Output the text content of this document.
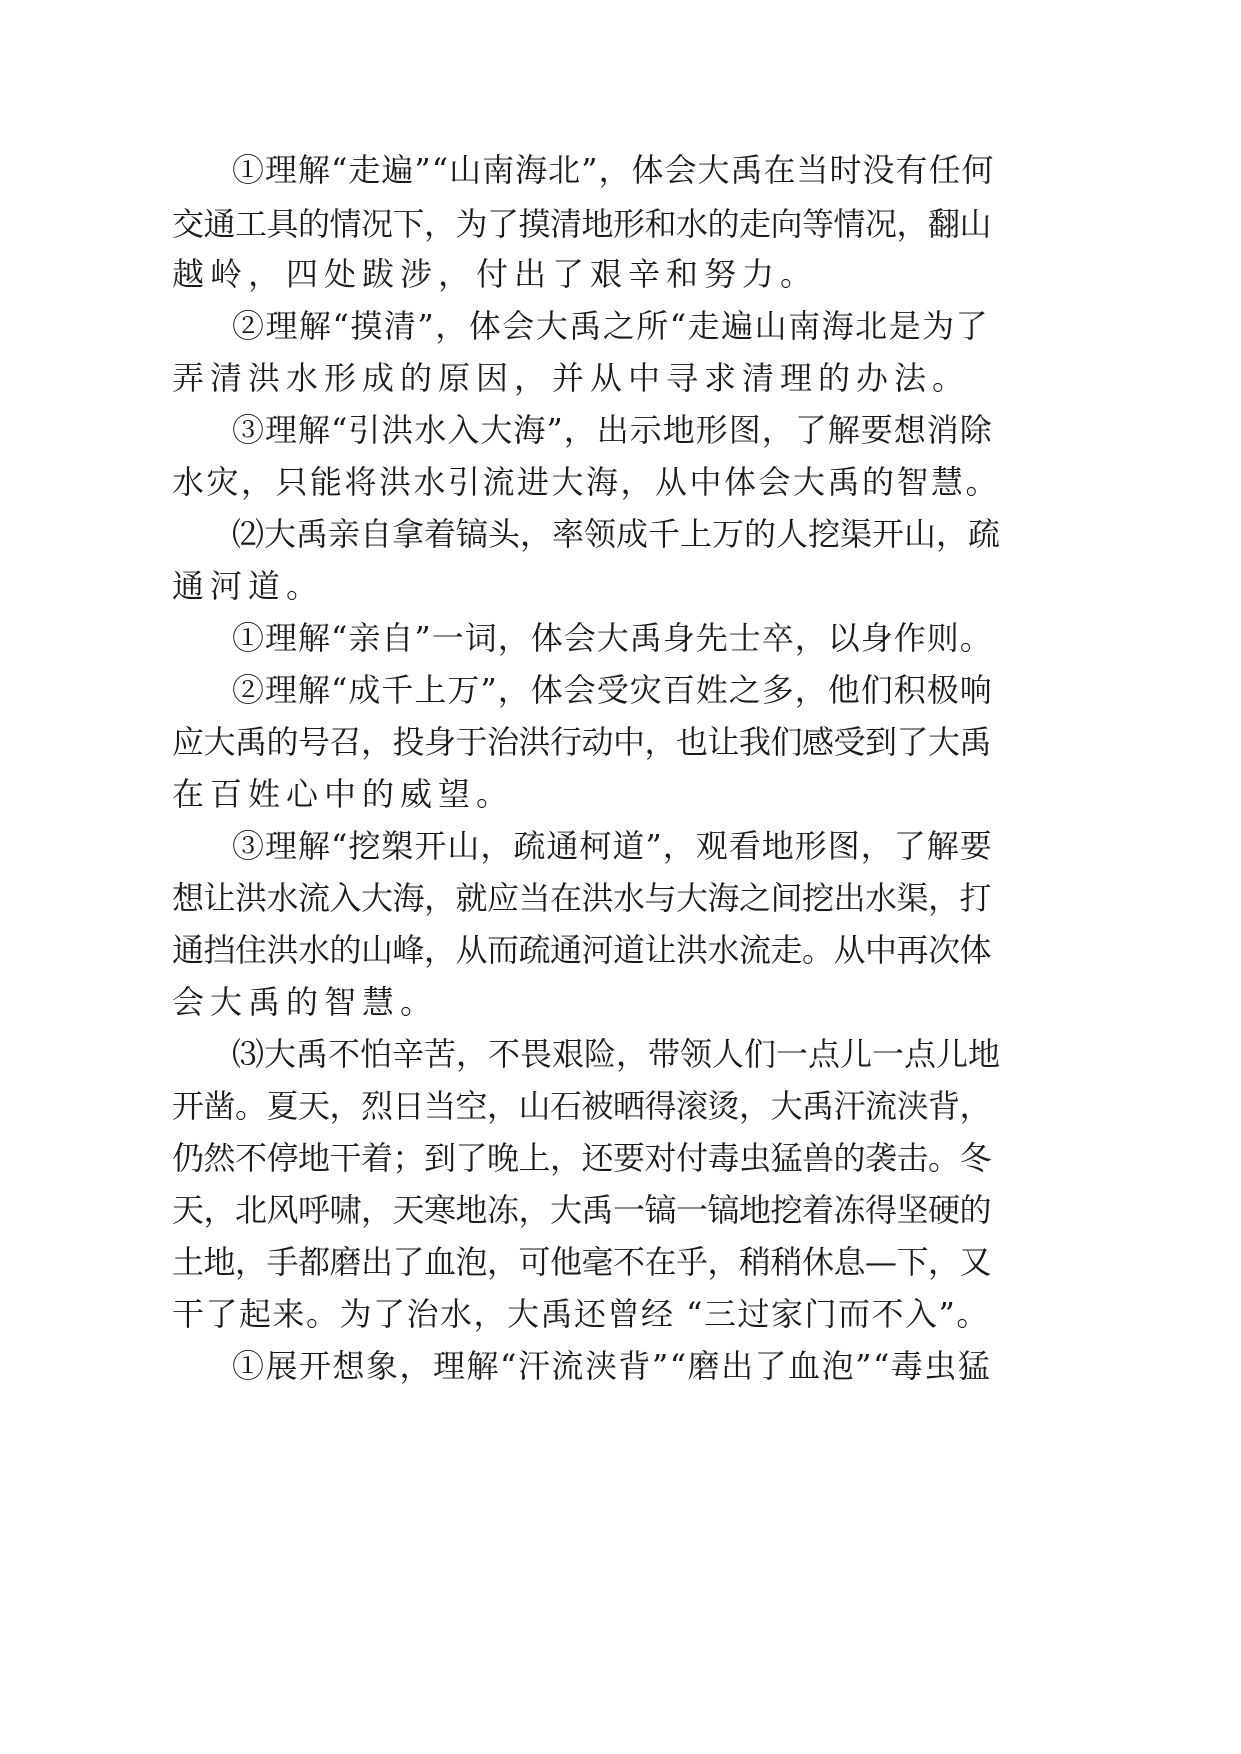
①理解“走遍”“山南海北”，体会大禹在当时没有任何
交通工具的情况下，为了摸清地形和水的走向等情况，翻山
越岭，四处跋涉，付出了艰辛和努力。
②理解“摸清”，体会大禹之所“走遍山南海北是为了
弄清洪水形成的原因，并从中寻求清理的办法。
③理解“引洪水入大海”，出示地形图，了解要想消除
水灾，只能将洪水引流进大海，从中体会大禹的智慧。
⑵大禹亲自拿着镐头，率领成千上万的人挖渠开山，疏
通河道。
①理解“亲自”一词，体会大禹身先士卒，以身作则。
②理解“成千上万”，体会受灾百姓之多，他们积极响
应大禹的号召，投身于治洪行动中，也让我们感受到了大禹
在百姓心中的威望。
③理解“挖槊开山，疏通柯道”，观看地形图，了解要
想让洪水流入大海，就应当在洪水与大海之间挖出水渠，打
通挡住洪水的山峰，从而疏通河道让洪水流走。从中再次体
会大禹的智慧。
⑶大禹不怕辛苦，不畏艰险，带领人们一点儿一点儿地
开凿。夏天，烈日当空，山石被晒得滚烫，大禹汗流浃背，
仍然不停地干着；到了晚上，还要对付毒虫猛兽的袭击。冬
天，北风呼啸，天寒地冻，大禹一镐一镐地挖着冻得坚硬的
土地，手都磨出了血泡，可他毫不在乎，稍稍休息—下，又
干了起来。为了治水，大禹还曾经 “三过家门而不入”。
①展开想象，理解“汗流浃背”“磨出了血泡”“毒虫猛
